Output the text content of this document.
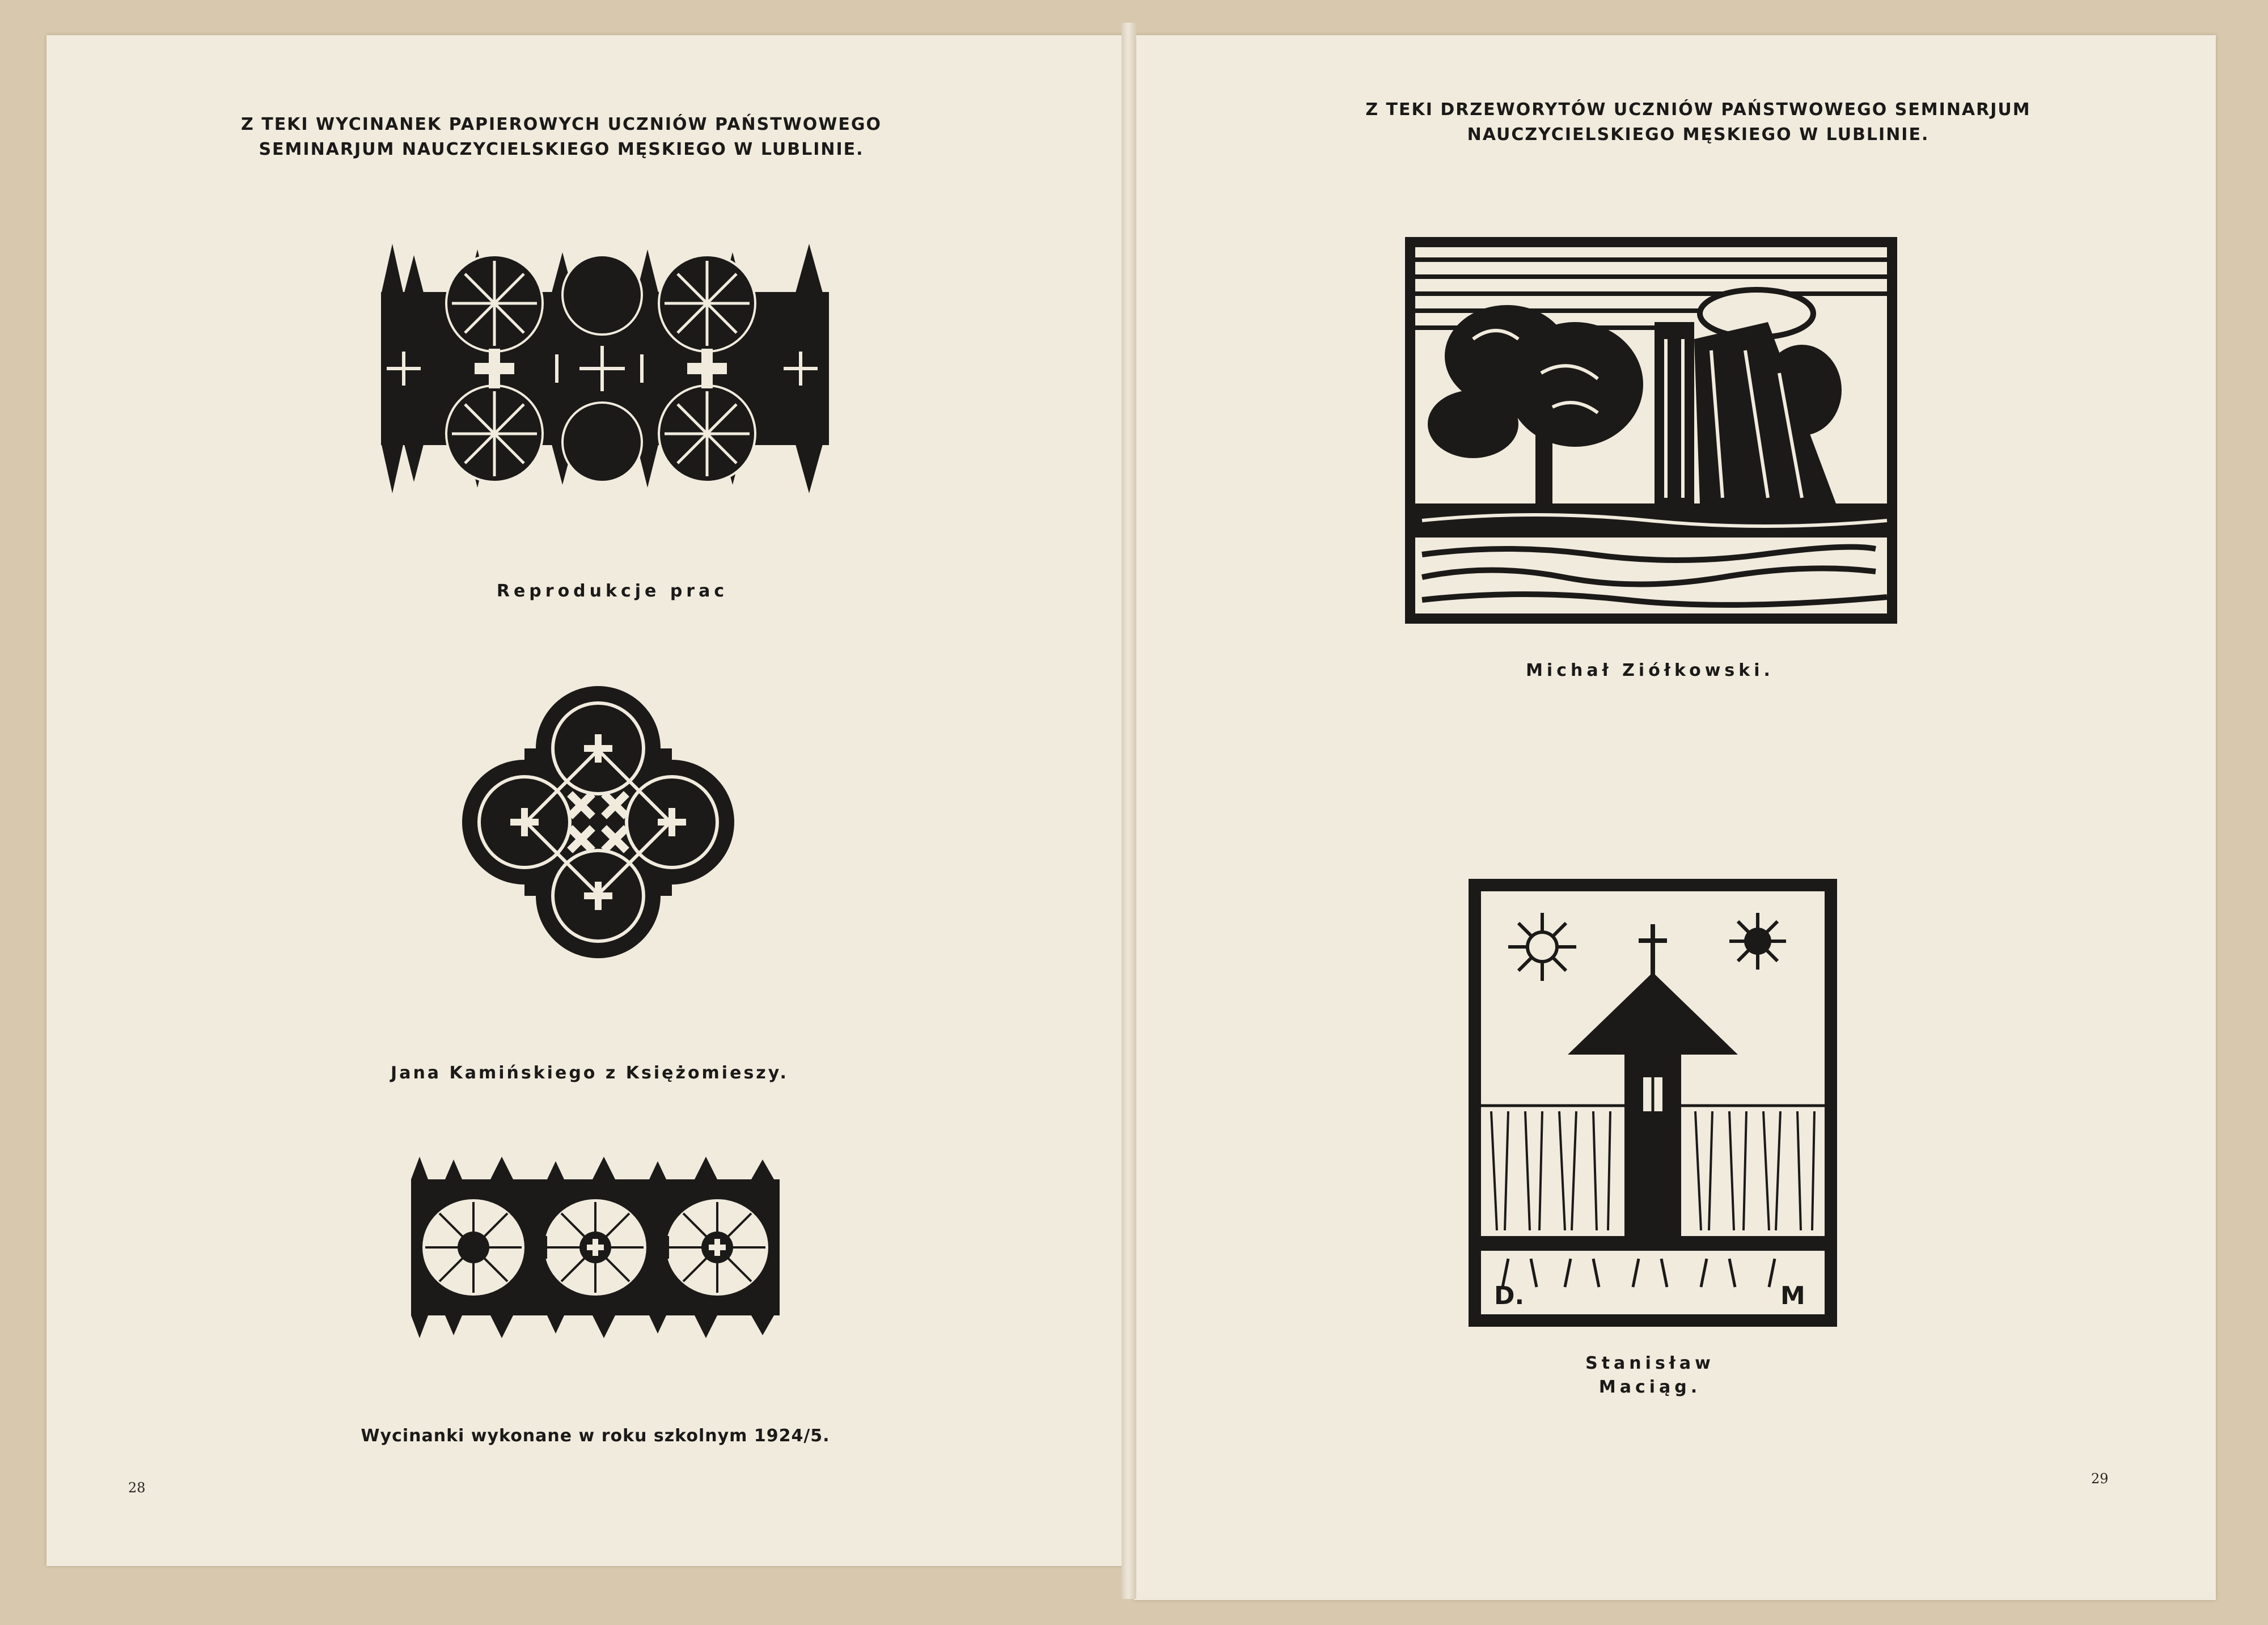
Z TEKI WYCINANEK PAPIEROWYCH UCZNIÓW PAŃSTWOWEGO
SEMINARJUM NAUCZYCIELSKIEGO MĘSKIEGO W LUBLINIE.
Reprodukcje prac
Jana Kamińskiego z Księżomieszy.
Wycinanki wykonane w roku szkolnym 1924/5.
28
Z TEKI DRZEWORYTÓW UCZNIÓW PAŃSTWOWEGO SEMINARJUM
NAUCZYCIELSKIEGO MĘSKIEGO W LUBLINIE.
Michał Ziółkowski.
D.	M
Stanisław
Maciąg.
29
